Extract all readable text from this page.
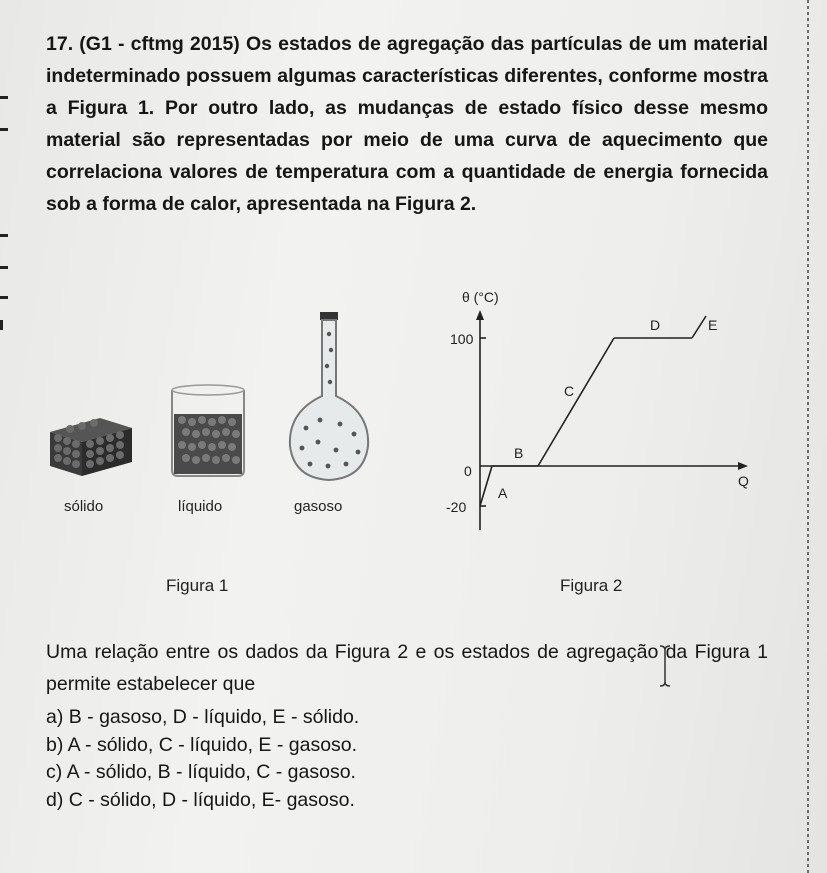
17. (G1 - cftmg 2015) Os estados de agregação das partículas de um material indeterminado possuem algumas características diferentes, conforme mostra a Figura 1. Por outro lado, as mudanças de estado físico desse mesmo material são representadas por meio de uma curva de aquecimento que correlaciona valores de temperatura com a quantidade de energia fornecida sob a forma de calor, apresentada na Figura 2.
sólido	líquido	gasoso
θ (°C)
Q
100
0
-20
A
B
C
D	E
Figura 2
Figura 1
Uma relação entre os dados da Figura 2 e os estados de agregação da Figura 1 permite estabelecer que
a) B - gasoso, D - líquido, E - sólido.
b) A - sólido, C - líquido, E - gasoso.
c) A - sólido, B - líquido, C - gasoso.
d) C - sólido, D - líquido, E- gasoso.
